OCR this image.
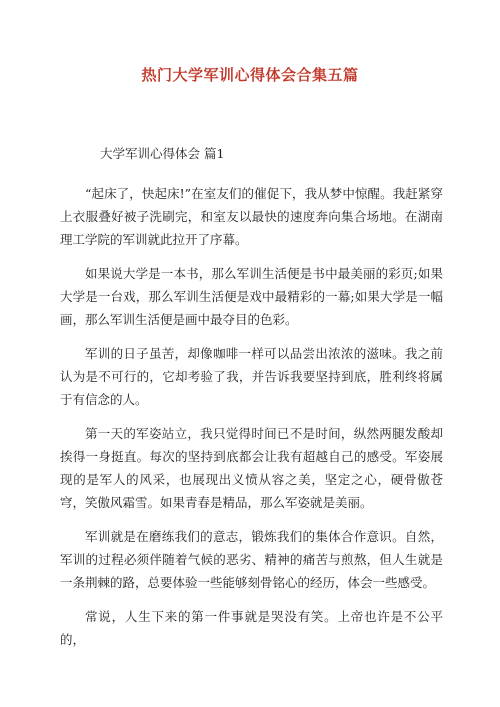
热门大学军训心得体会合集五篇
大学军训心得体会 篇1

“起床了，快起床!”在室友们的催促下，我从梦中惊醒。我赶紧穿上衣服叠好被子洗刷完，和室友以最快的速度奔向集合场地。在湖南理工学院的军训就此拉开了序幕。

如果说大学是一本书，那么军训生活便是书中最美丽的彩页;如果大学是一台戏，那么军训生活便是戏中最精彩的一幕;如果大学是一幅画，那么军训生活便是画中最夺目的色彩。

军训的日子虽苦，却像咖啡一样可以品尝出浓浓的滋味。我之前认为是不可行的，它却考验了我，并告诉我要坚持到底，胜利终将属于有信念的人。

第一天的军姿站立，我只觉得时间已不是时间，纵然两腿发酸却挨得一身挺直。每次的坚持到底都会让我有超越自己的感受。军姿展现的是军人的风采，也展现出义愤从容之美，坚定之心，硬骨傲苍穹，笑傲风霜雪。如果青春是精品，那么军姿就是美丽。

军训就是在磨练我们的意志，锻炼我们的集体合作意识。自然，军训的过程必须伴随着气候的恶劣、精神的痛苦与煎熬，但人生就是一条荆棘的路，总要体验一些能够刻骨铭心的经历，体会一些感受。

常说，人生下来的第一件事就是哭没有笑。上帝也许是不公平的，
